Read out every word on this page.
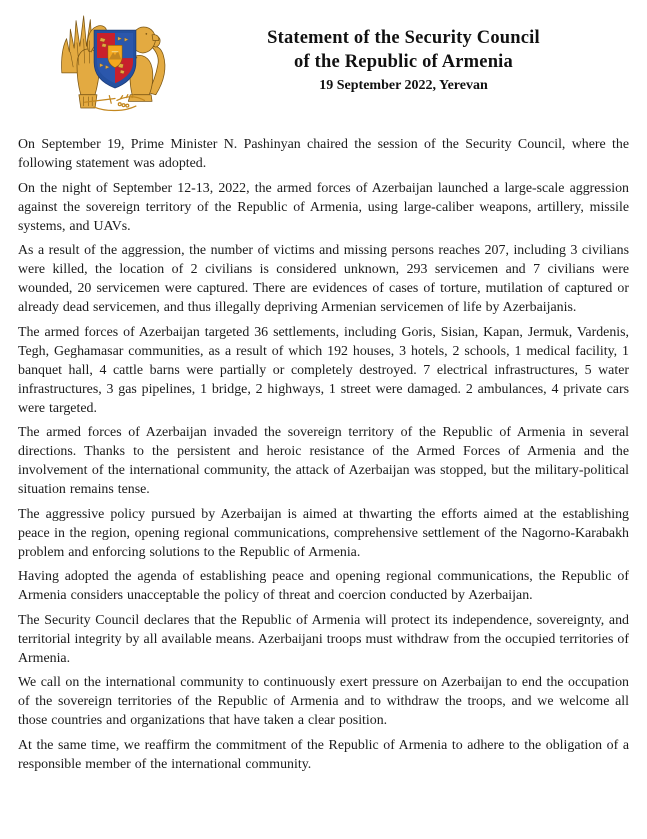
Statement of the Security Council
of the Republic of Armenia
19 September 2022, Yerevan

On September 19, Prime Minister N. Pashinyan chaired the session of the Security Council, where the following statement was adopted.

On the night of September 12-13, 2022, the armed forces of Azerbaijan launched a large-scale aggression against the sovereign territory of the Republic of Armenia, using large-caliber weapons, artillery, missile systems, and UAVs.

As a result of the aggression, the number of victims and missing persons reaches 207, including 3 civilians were killed, the location of 2 civilians is considered unknown, 293 servicemen and 7 civilians were wounded, 20 servicemen were captured. There are evidences of cases of torture, mutilation of captured or already dead servicemen, and thus illegally depriving Armenian servicemen of life by Azerbaijanis.

The armed forces of Azerbaijan targeted 36 settlements, including Goris, Sisian, Kapan, Jermuk, Vardenis, Tegh, Geghamasar communities, as a result of which 192 houses, 3 hotels, 2 schools, 1 medical facility, 1 banquet hall, 4 cattle barns were partially or completely destroyed. 7 electrical infrastructures, 5 water infrastructures, 3 gas pipelines, 1 bridge, 2 highways, 1 street were damaged. 2 ambulances, 4 private cars were targeted.

The armed forces of Azerbaijan invaded the sovereign territory of the Republic of Armenia in several directions. Thanks to the persistent and heroic resistance of the Armed Forces of Armenia and the involvement of the international community, the attack of Azerbaijan was stopped, but the military-political situation remains tense.

The aggressive policy pursued by Azerbaijan is aimed at thwarting the efforts aimed at the establishing peace in the region, opening regional communications, comprehensive settlement of the Nagorno-Karabakh problem and enforcing solutions to the Republic of Armenia.

Having adopted the agenda of establishing peace and opening regional communications, the Republic of Armenia considers unacceptable the policy of threat and coercion conducted by Azerbaijan.

The Security Council declares that the Republic of Armenia will protect its independence, sovereignty, and territorial integrity by all available means. Azerbaijani troops must withdraw from the occupied territories of Armenia.

We call on the international community to continuously exert pressure on Azerbaijan to end the occupation of the sovereign territories of the Republic of Armenia and to withdraw the troops, and we welcome all those countries and organizations that have taken a clear position.

At the same time, we reaffirm the commitment of the Republic of Armenia to adhere to the obligation of a responsible member of the international community.
